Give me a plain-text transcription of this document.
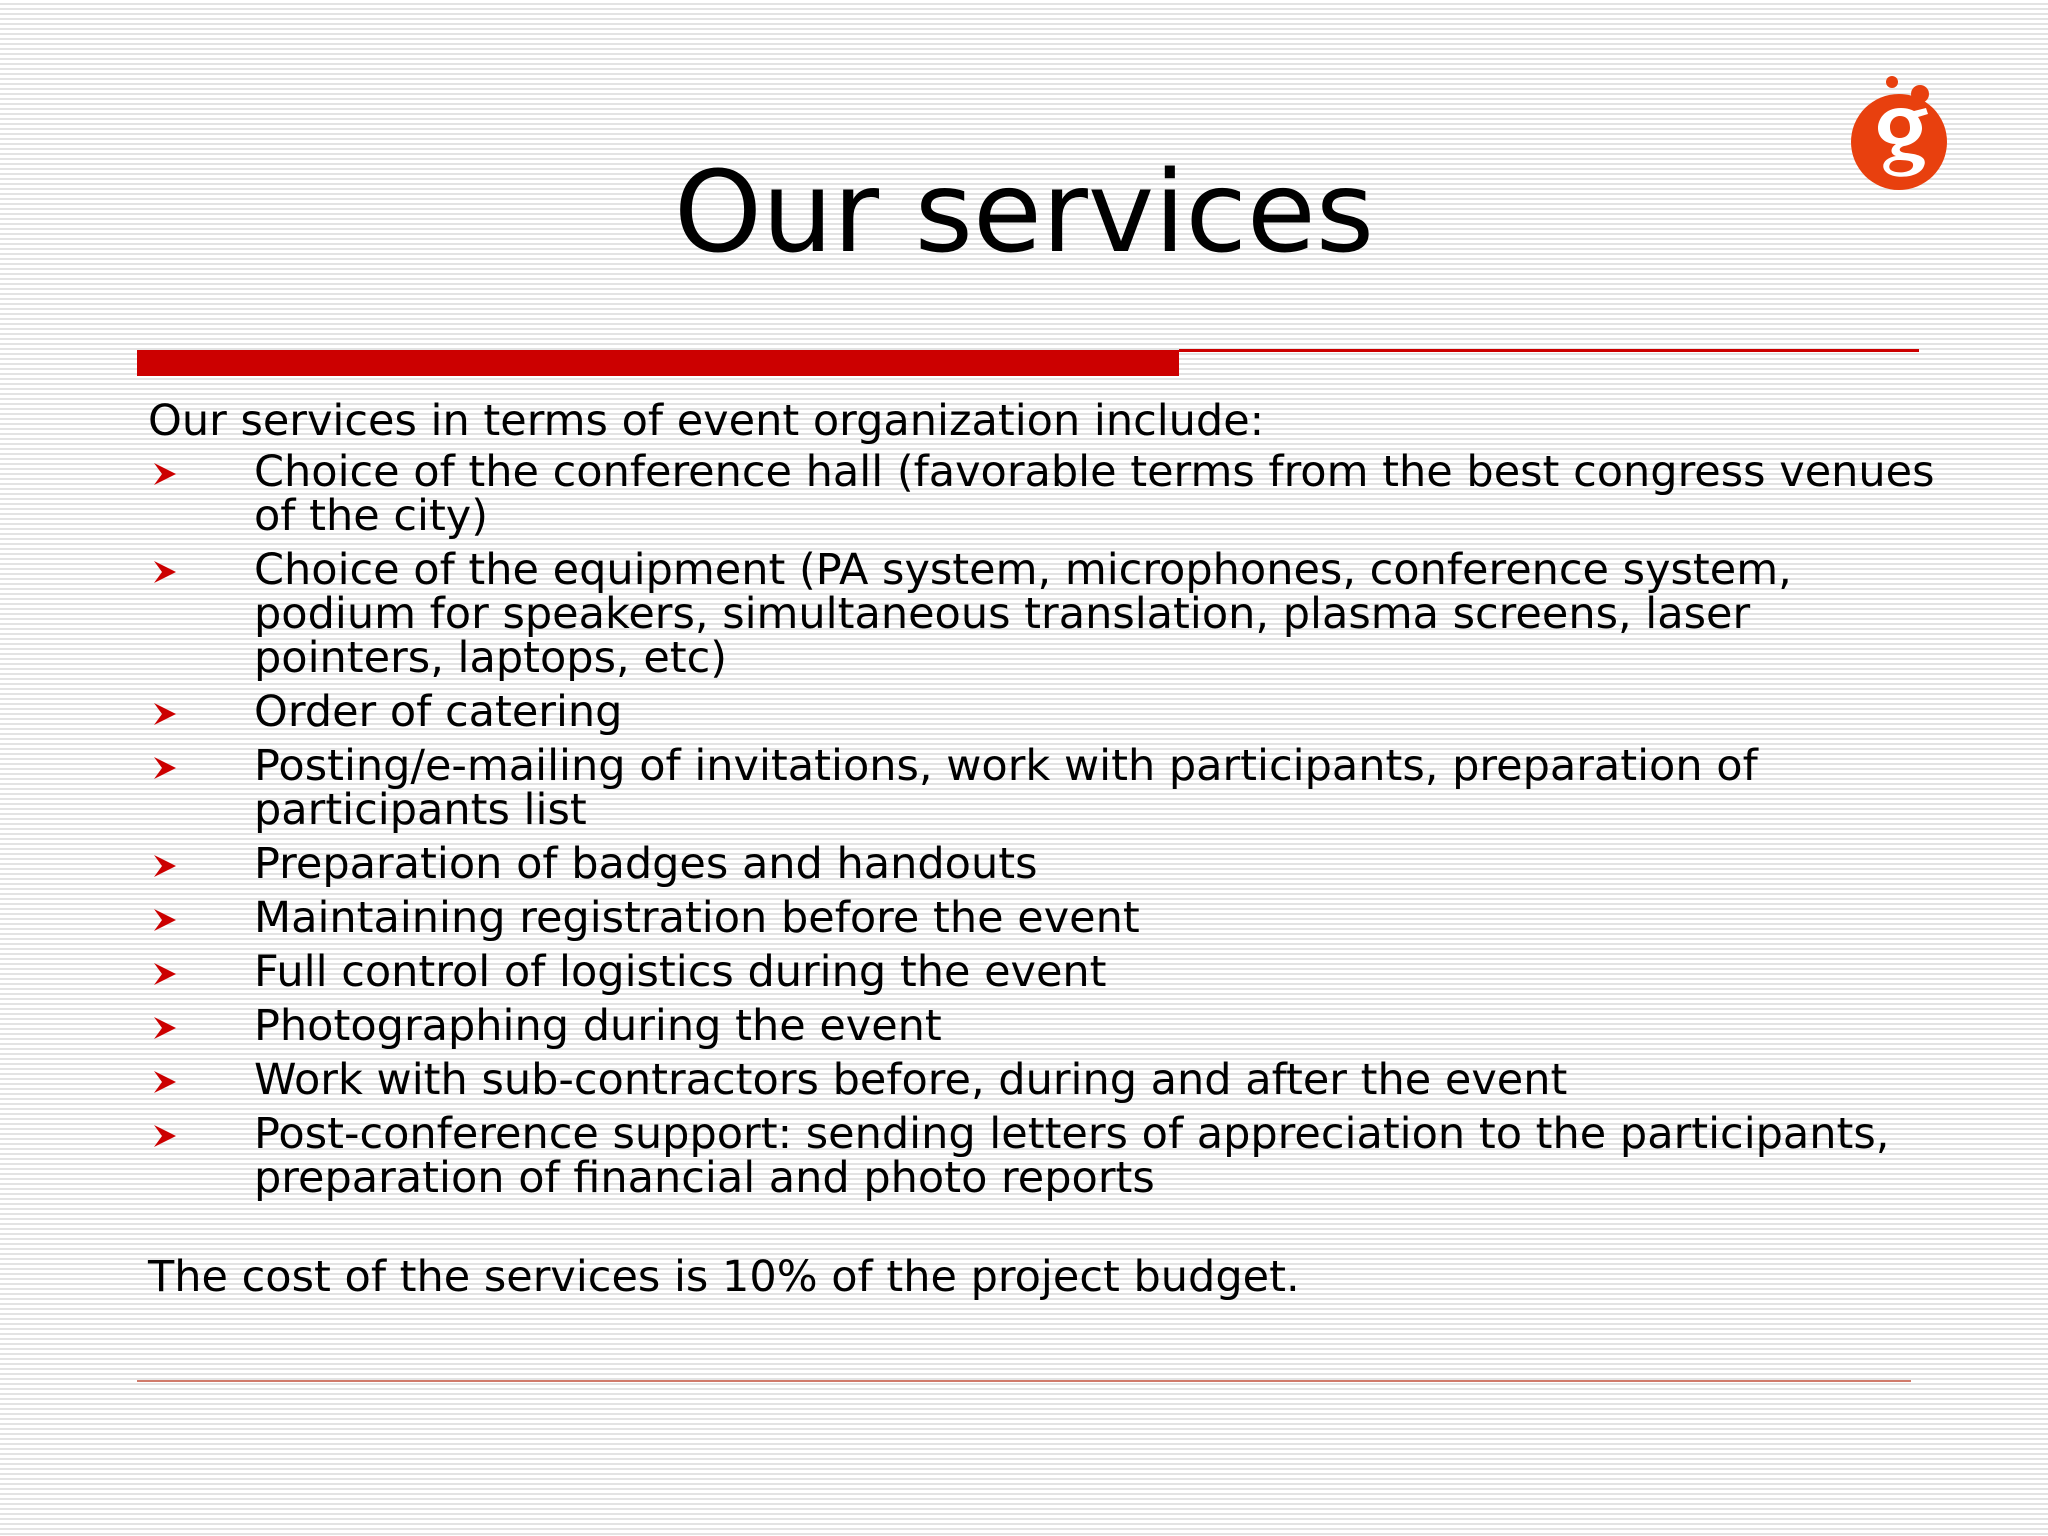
Our services

Our services in terms of event organization include:

Choice of the conference hall (favorable terms from the best congress venues of the city)
Choice of the equipment (PA system, microphones, conference system, podium for speakers, simultaneous translation, plasma screens, laser pointers, laptops, etc)
Order of catering
Posting/e-mailing of invitations, work with participants, preparation of participants list
Preparation of badges and handouts
Maintaining registration before the event
Full control of logistics during the event
Photographing during the event
Work with sub-contractors before, during and after the event
Post-conference support: sending letters of appreciation to the participants, preparation of financial and photo reports

The cost of the services is 10% of the project budget.
